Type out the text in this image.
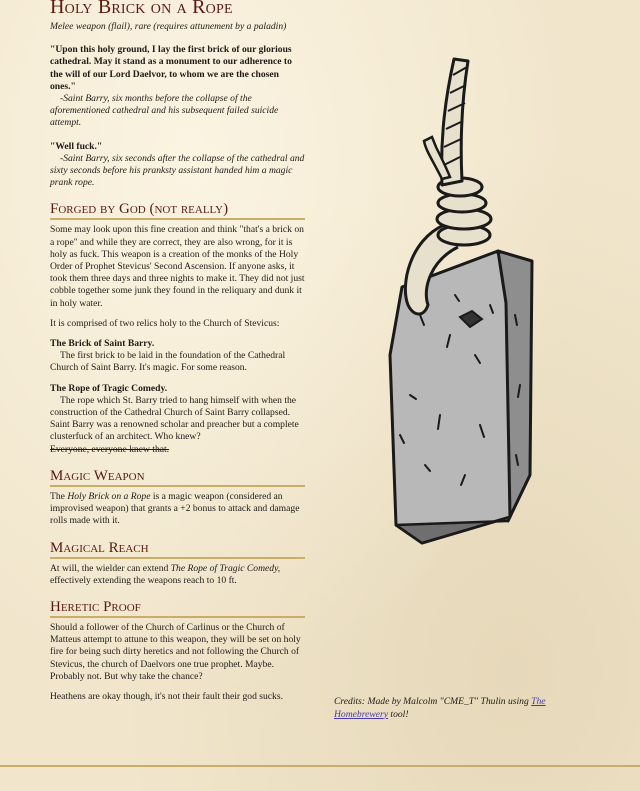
Holy Brick on a Rope
Melee weapon (flail), rare (requires attunement by a paladin)

"Upon this holy ground, I lay the first brick of our glorious cathedral. May it stand as a monument to our adherence to the will of our Lord Daelvor, to whom we are the chosen ones."

-Saint Barry, six months before the collapse of the aforementioned cathedral and his subsequent failed suicide attempt.

"Well fuck."

-Saint Barry, six seconds after the collapse of the cathedral and sixty seconds before his pranksty assistant handed him a magic prank rope.

Forged by God (not really)

Some may look upon this fine creation and think "that's a brick on a rope" and while they are correct, they are also wrong, for it is holy as fuck. This weapon is a creation of the monks of the Holy Order of Prophet Stevicus' Second Ascension. If anyone asks, it took them three days and three nights to make it. They did not just cobble together some junk they found in the reliquary and dunk it in holy water.

It is comprised of two relics holy to the Church of Stevicus:

The Brick of Saint Barry.

The first brick to be laid in the foundation of the Cathedral Church of Saint Barry. It's magic. For some reason.

The Rope of Tragic Comedy.

The rope which St. Barry tried to hang himself with when the construction of the Cathedral Church of Saint Barry collapsed. Saint Barry was a renowned scholar and preacher but a complete clusterfuck of an architect. Who knew?

Everyone, everyone knew that.

Magic Weapon

The Holy Brick on a Rope is a magic weapon (considered an improvised weapon) that grants a +2 bonus to attack and damage rolls made with it.

Magical Reach

At will, the wielder can extend The Rope of Tragic Comedy, effectively extending the weapons reach to 10 ft.

Heretic Proof

Should a follower of the Church of Carlinus or the Church of Matteus attempt to attune to this weapon, they will be set on holy fire for being such dirty heretics and not following the Church of Stevicus, the church of Daelvors one true prophet. Maybe. Probably not. But why take the chance?

Heathens are okay though, it's not their fault their god sucks.	Credits: Made by Malcolm "CME_T" Thulin using The Homebrewery tool!
